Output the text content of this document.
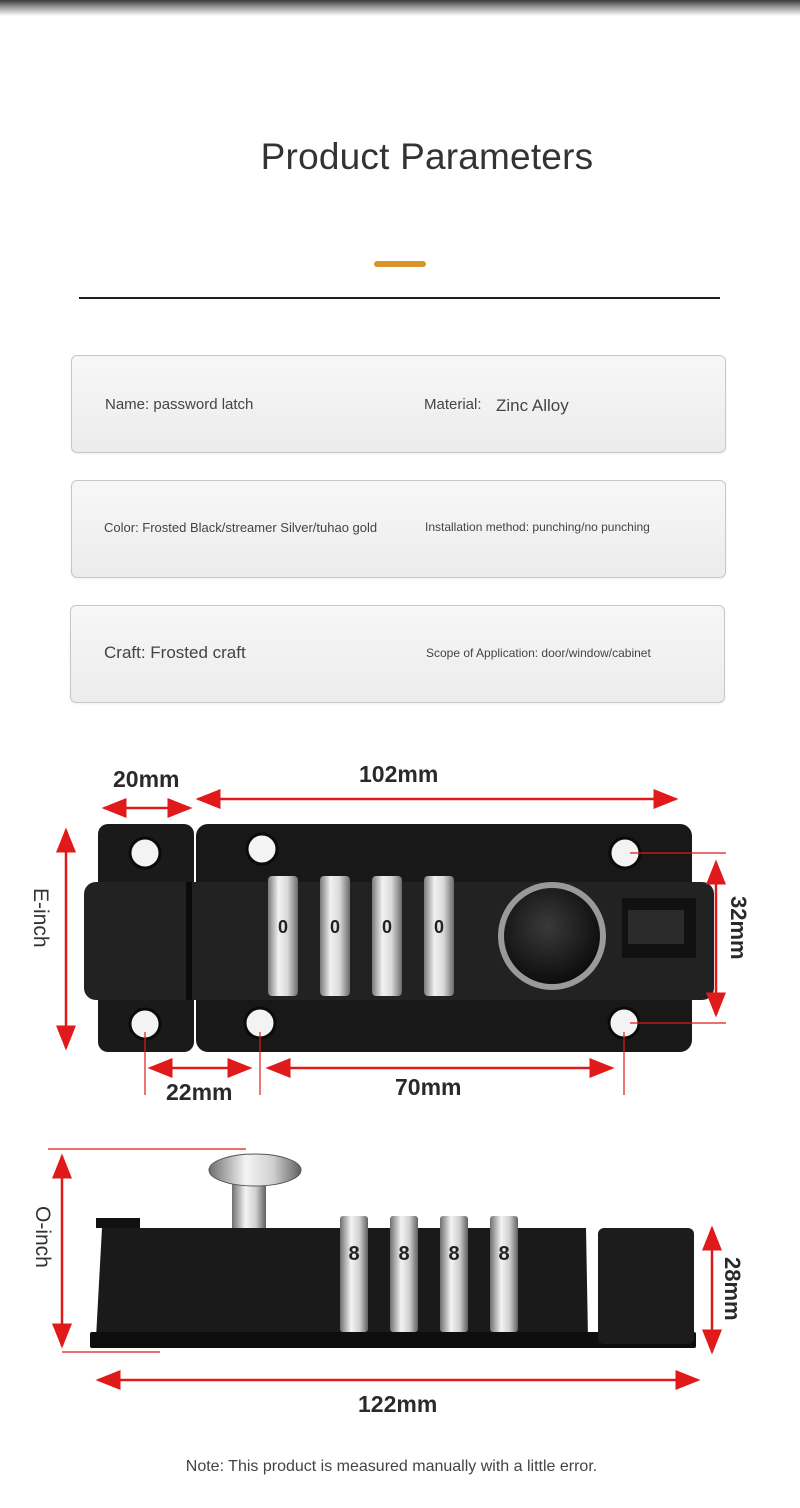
Product Parameters
Name: password latch	Material: Zinc Alloy
Color: Frosted Black/streamer Silver/tuhao gold	Installation method: punching/no punching
Craft: Frosted craft	Scope of Application: door/window/cabinet
0 0 0 0
20mm	102mm
E-inch	32mm
22mm	70mm
8 8 8 8
O-inch
28mm
122mm
Note: This product is measured manually with a little error.
